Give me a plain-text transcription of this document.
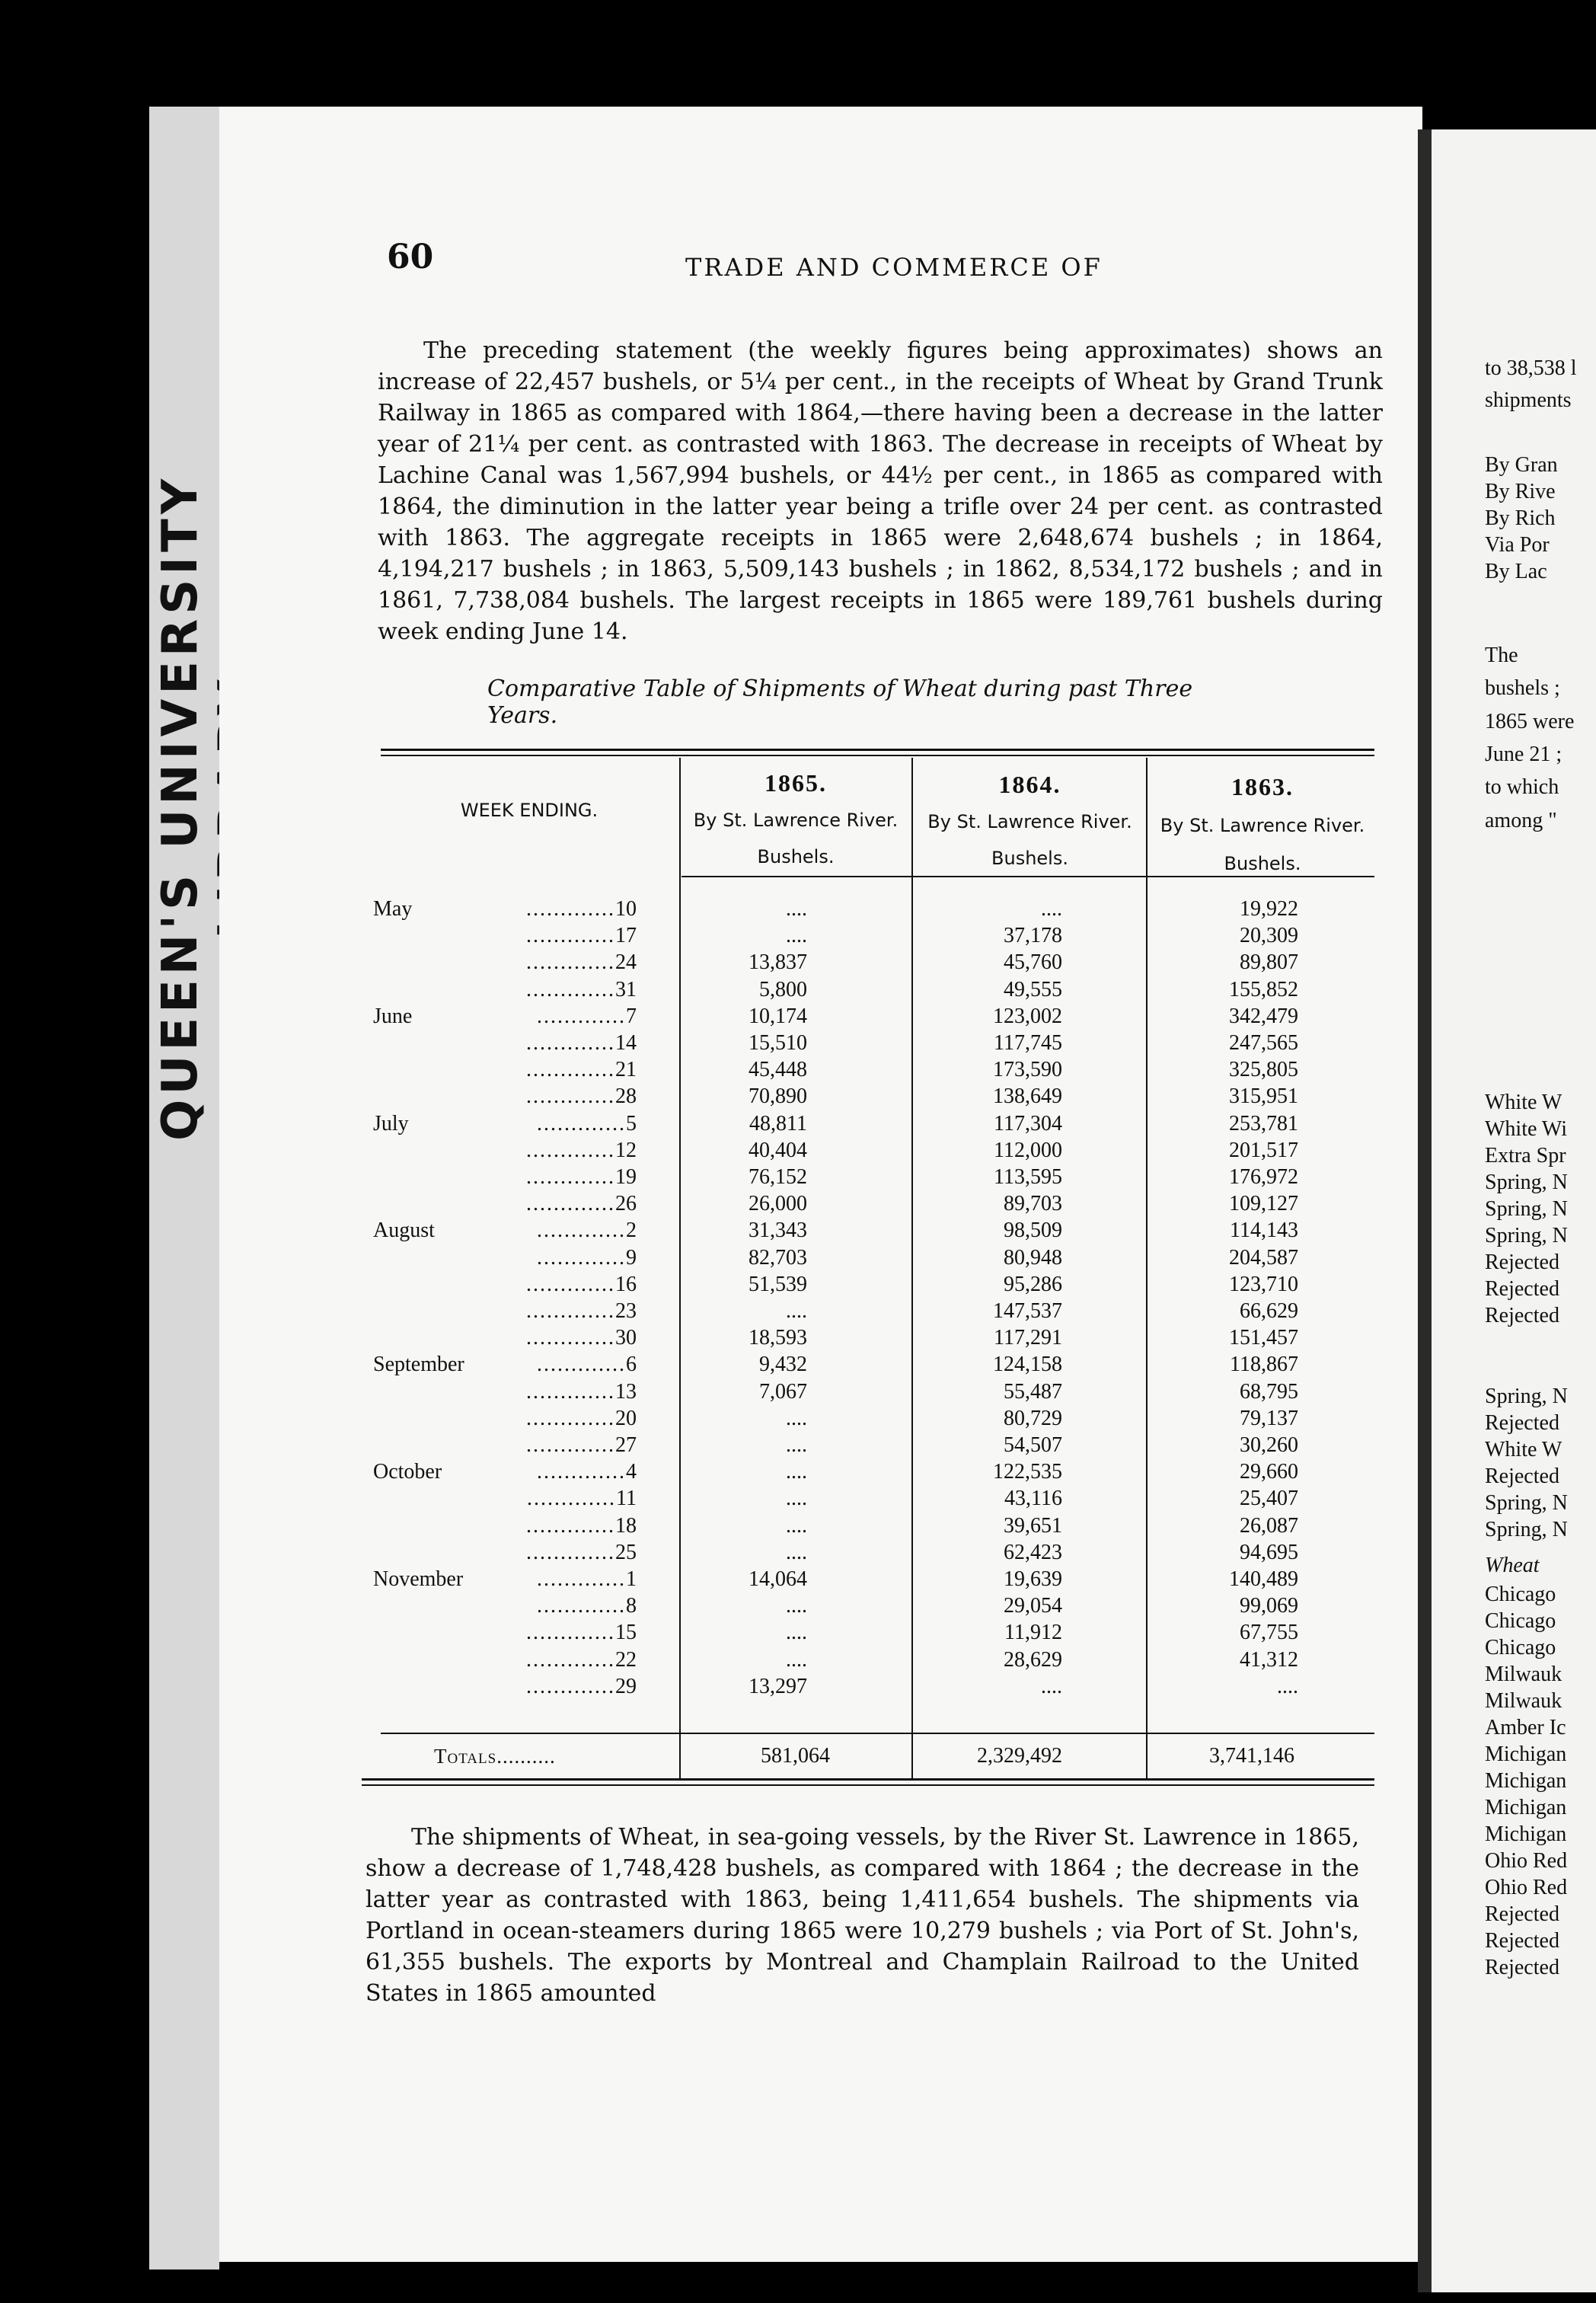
QUEEN'S UNIVERSITY
60	TRADE AND COMMERCE OF
The preceding statement (the weekly figures being approximates) shows an increase of 22,457 bushels, or 5¼ per cent., in the receipts of Wheat by Grand Trunk Railway in 1865 as compared with 1864,—there having been a decrease in the latter year of 21¼ per cent. as contrasted with 1863. The decrease in receipts of Wheat by Lachine Canal was 1,567,994 bushels, or 44½ per cent., in 1865 as compared with 1864, the diminution in the latter year being a trifle over 24 per cent. as contrasted with 1863. The aggregate receipts in 1865 were 2,648,674 bushels ; in 1864, 4,194,217 bushels ; in 1863, 5,509,143 bushels ; in 1862, 8,534,172 bushels ; and in 1861, 7,738,084 bushels. The largest receipts in 1865 were 189,761 bushels during week ending June 14.
Comparative Table of Shipments of Wheat during past Three Years.
WEEK ENDING.
1865.
By St. Lawrence River.
Bushels.
1864.
By St. Lawrence River.
Bushels.
1863.
By St. Lawrence River.
Bushels.
May	.............10	....	....	19,922
.............17	....	37,178	20,309
.............24	13,837	45,760	89,807
.............31	5,800	49,555	155,852
June	.............7	10,174	123,002	342,479
.............14	15,510	117,745	247,565
.............21	45,448	173,590	325,805
.............28	70,890	138,649	315,951
July	.............5	48,811	117,304	253,781
.............12	40,404	112,000	201,517
.............19	76,152	113,595	176,972
.............26	26,000	89,703	109,127
August	.............2	31,343	98,509	114,143
.............9	82,703	80,948	204,587
.............16	51,539	95,286	123,710
.............23	....	147,537	66,629
.............30	18,593	117,291	151,457
September	.............6	9,432	124,158	118,867
.............13	7,067	55,487	68,795
.............20	....	80,729	79,137
.............27	....	54,507	30,260
October	.............4	....	122,535	29,660
.............11	....	43,116	25,407
.............18	....	39,651	26,087
.............25	....	62,423	94,695
November	.............1	14,064	19,639	140,489
.............8	....	29,054	99,069
.............15	....	11,912	67,755
.............22	....	28,629	41,312
.............29	13,297	....	....
Totals..........	581,064	2,329,492	3,741,146
The shipments of Wheat, in sea-going vessels, by the River St. Lawrence in 1865, show a decrease of 1,748,428 bushels, as compared with 1864 ; the decrease in the latter year as contrasted with 1863, being 1,411,654 bushels. The shipments via Portland in ocean-steamers during 1865 were 10,279 bushels ; via Port of St. John's, 61,355 bushels. The exports by Montreal and Champlain Railroad to the United States in 1865 amounted
to 38,538 l
shipments
By Gran
By Rive
By Rich
Via Por
By Lac
The
bushels ;
1865 were
June 21 ;
to which
among "
White W
White Wi
Extra Spr
Spring, N
Spring, N
Spring, N
Rejected
Rejected
Rejected
Spring, N
Rejected
White W
Rejected
Spring, N
Spring, N
Wheat
Chicago
Chicago
Chicago
Milwauk
Milwauk
Amber Ic
Michigan
Michigan
Michigan
Michigan
Ohio Red
Ohio Red
Rejected
Rejected
Rejected
